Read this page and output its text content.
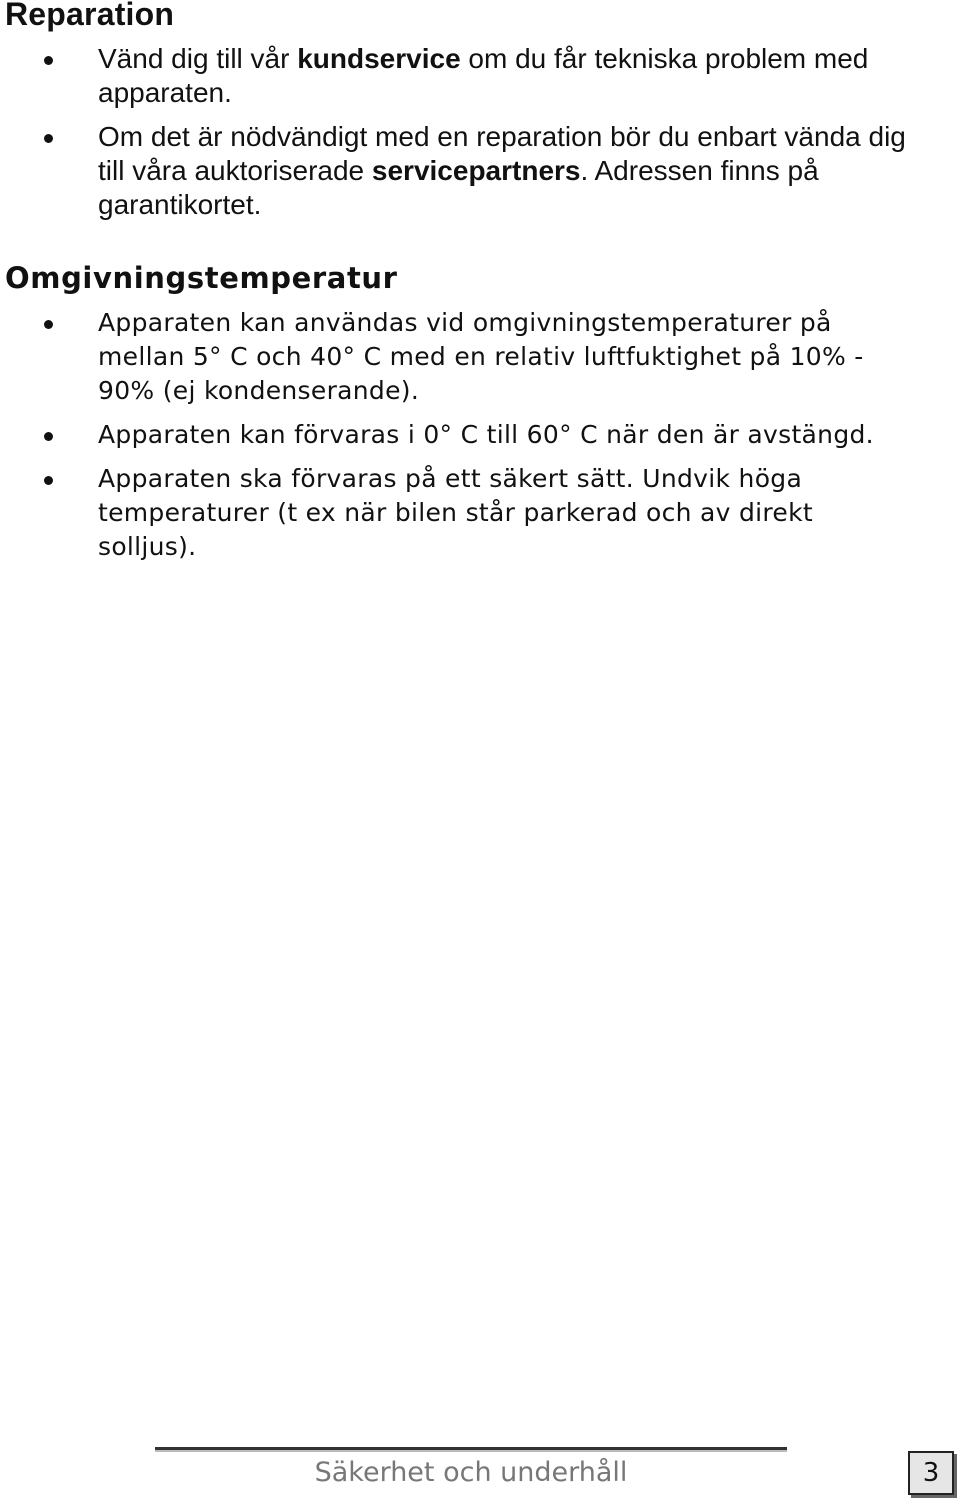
Reparation
Vänd dig till vår kundservice om du får tekniska problem med apparaten.
Om det är nödvändigt med en reparation bör du enbart vända dig till våra auktoriserade servicepartners. Adressen finns på garantikortet.
Omgivningstemperatur
Apparaten kan användas vid omgivningstemperaturer på mellan 5° C och 40° C med en relativ luftfuktighet på 10% - 90% (ej kondenserande).
Apparaten kan förvaras i 0° C till 60° C när den är avstängd.
Apparaten ska förvaras på ett säkert sätt. Undvik höga temperaturer (t ex när bilen står parkerad och av direkt solljus).
Säkerhet och underhåll	3
